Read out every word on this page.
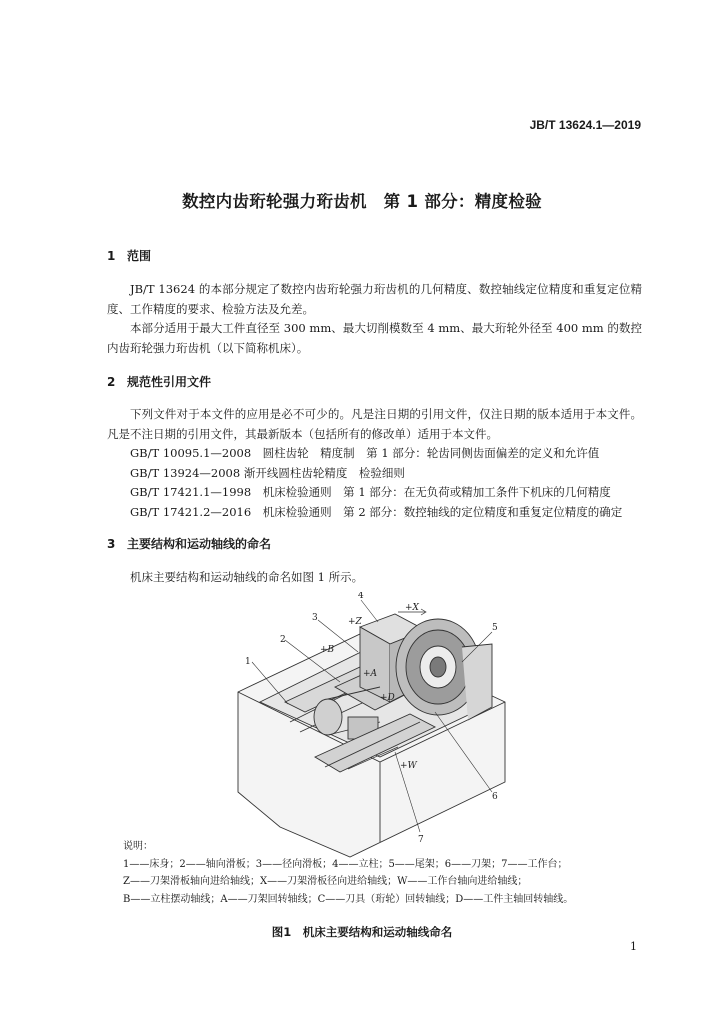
JB/T 13624.1—2019
数控内齿珩轮强力珩齿机　第 1 部分：精度检验
1 范围

JB/T 13624 的本部分规定了数控内齿珩轮强力珩齿机的几何精度、数控轴线定位精度和重复定位精度、工作精度的要求、检验方法及允差。

本部分适用于最大工件直径至 300 mm、最大切削模数至 4 mm、最大珩轮外径至 400 mm 的数控内齿珩轮强力珩齿机（以下简称机床）。

2 规范性引用文件

下列文件对于本文件的应用是必不可少的。凡是注日期的引用文件，仅注日期的版本适用于本文件。凡是不注日期的引用文件，其最新版本（包括所有的修改单）适用于本文件。

GB/T 10095.1—2008　圆柱齿轮　精度制　第 1 部分：轮齿同侧齿面偏差的定义和允许值
GB/T 13924—2008 渐开线圆柱齿轮精度　检验细则
GB/T 17421.1—1998　机床检验通则　第 1 部分：在无负荷或精加工条件下机床的几何精度
GB/T 17421.2—2016　机床检验通则　第 2 部分：数控轴线的定位精度和重复定位精度的确定
3 主要结构和运动轴线的命名

机床主要结构和运动轴线的命名如图 1 所示。

1
2
3
4
5
6
7
+X
+Z
+B
+A
+D
+W
说明：
1——床身；2——轴向滑板；3——径向滑板；4——立柱；5——尾架；6——刀架；7——工作台；
Z——刀架滑板轴向进给轴线；X——刀架滑板径向进给轴线；W——工作台轴向进给轴线；
B——立柱摆动轴线；A——刀架回转轴线；C——刀具（珩轮）回转轴线；D——工件主轴回转轴线。
图1　机床主要结构和运动轴线命名
1
